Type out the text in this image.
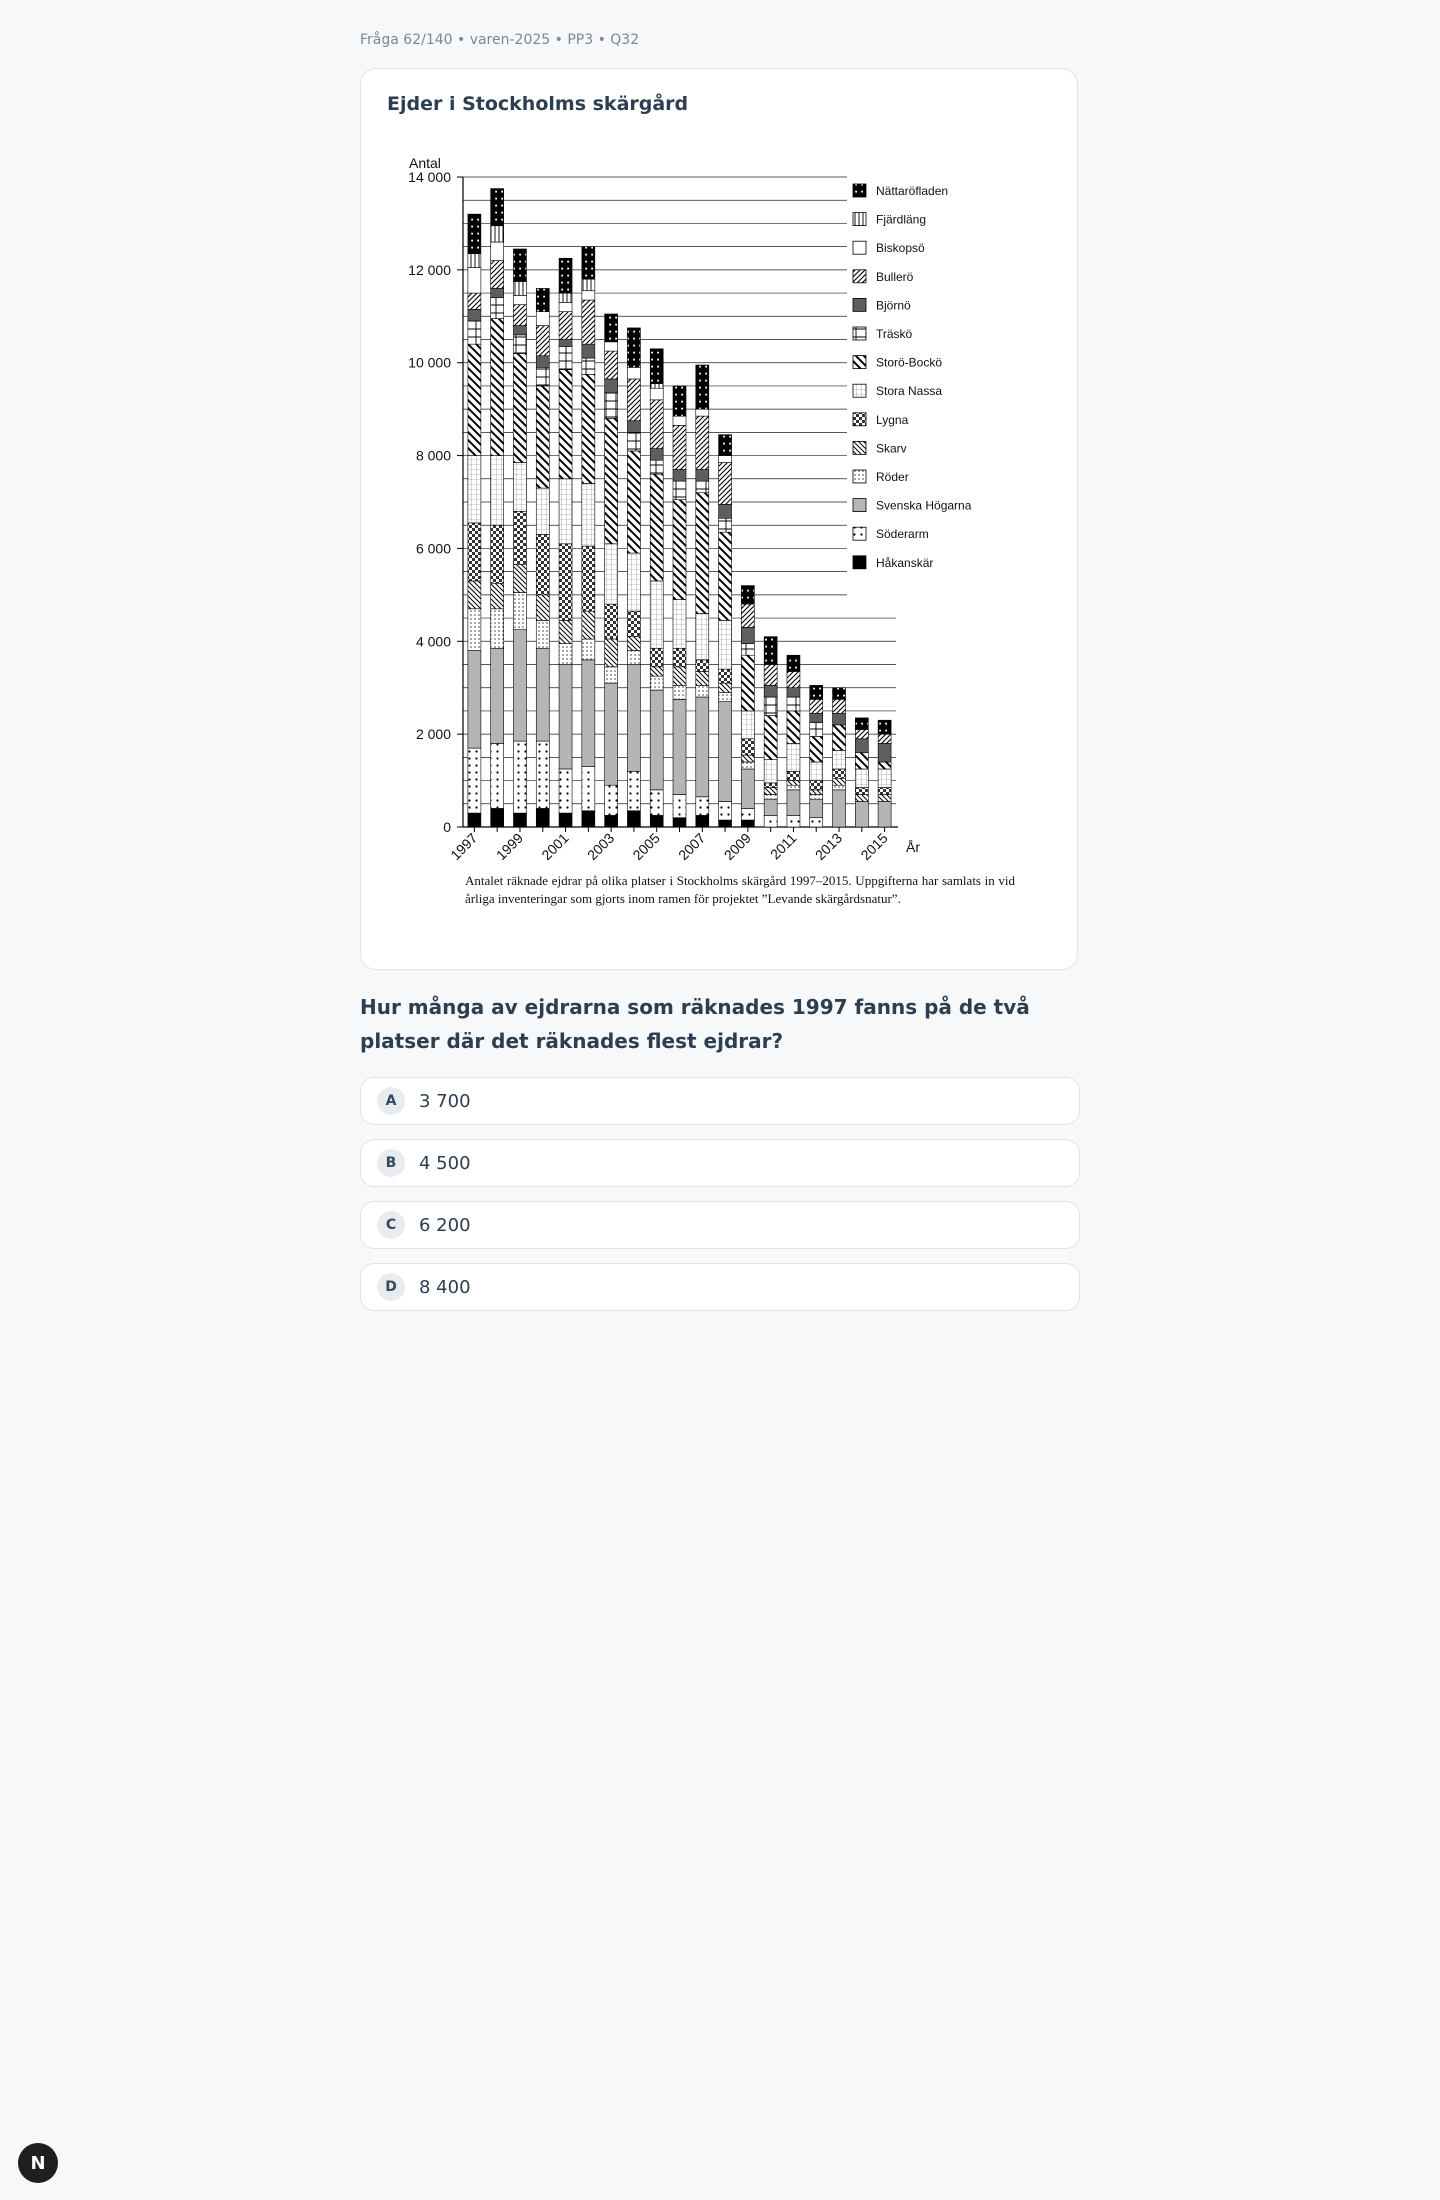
Fråga 62/140 • varen-2025 • PP3 • Q32
Ejder i Stockholms skärgård
0
2 000
4 000
6 000
8 000
10 000
12 000
14 000
Antal
År
1997 1999 2001 2003 2005 2007 2009 2011 2013 2015
Nättaröfladen
Fjärdläng
Biskopsö
Bullerö
Björnö
Träskö
Storö-Bockö
Stora Nassa
Lygna
Skarv
Röder
Svenska Högarna
Söderarm
Håkanskär
Antalet räknade ejdrar på olika platser i Stockholms skärgård 1997–2015. Uppgifterna har samlats in vid årliga inventeringar som gjorts inom ramen för projektet ”Levande skärgårdsnatur”.
Hur många av ejdrarna som räknades 1997 fanns på de två platser där det räknades flest ejdrar?
A	3 700
B	4 500
C	6 200
D	8 400
N
